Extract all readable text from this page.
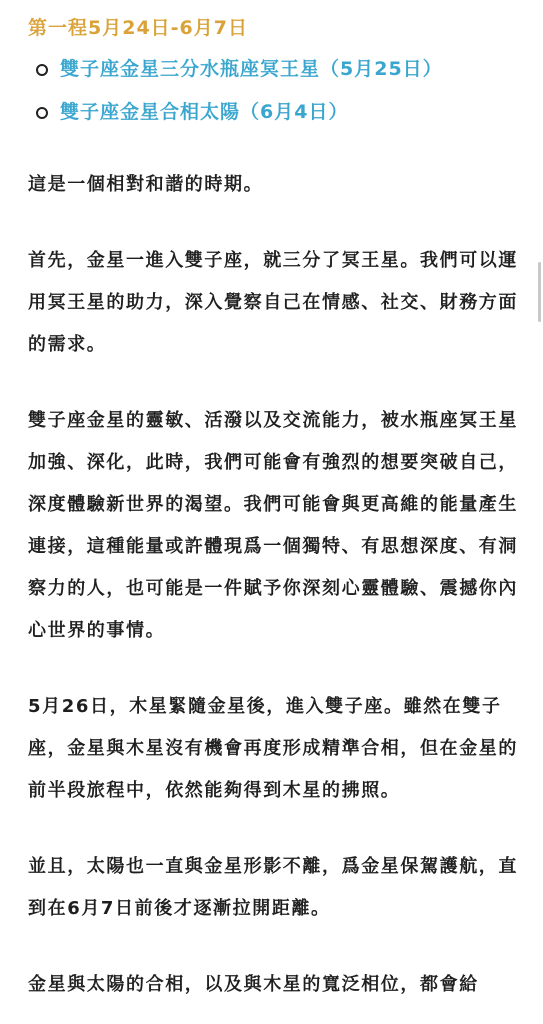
第一程5月24日-6月7日
雙子座金星三分水瓶座冥王星（5月25日）
雙子座金星合相太陽（6月4日）

這是一個相對和諧的時期。

首先，金星一進入雙子座，就三分了冥王星。我們可以運用冥王星的助力，深入覺察自己在情感、社交、財務方面的需求。

雙子座金星的靈敏、活潑以及交流能力，被水瓶座冥王星加強、深化，此時，我們可能會有強烈的想要突破自己，深度體驗新世界的渴望。我們可能會與更高維的能量產生連接，這種能量或許體現爲一個獨特、有思想深度、有洞察力的人，也可能是一件賦予你深刻心靈體驗、震撼你內心世界的事情。

5月26日，木星緊隨金星後，進入雙子座。雖然在雙子座，金星與木星沒有機會再度形成精準合相，但在金星的前半段旅程中，依然能夠得到木星的拂照。

並且，太陽也一直與金星形影不離，爲金星保駕護航，直到在6月7日前後才逐漸拉開距離。

金星與太陽的合相，以及與木星的寬泛相位，都會給
